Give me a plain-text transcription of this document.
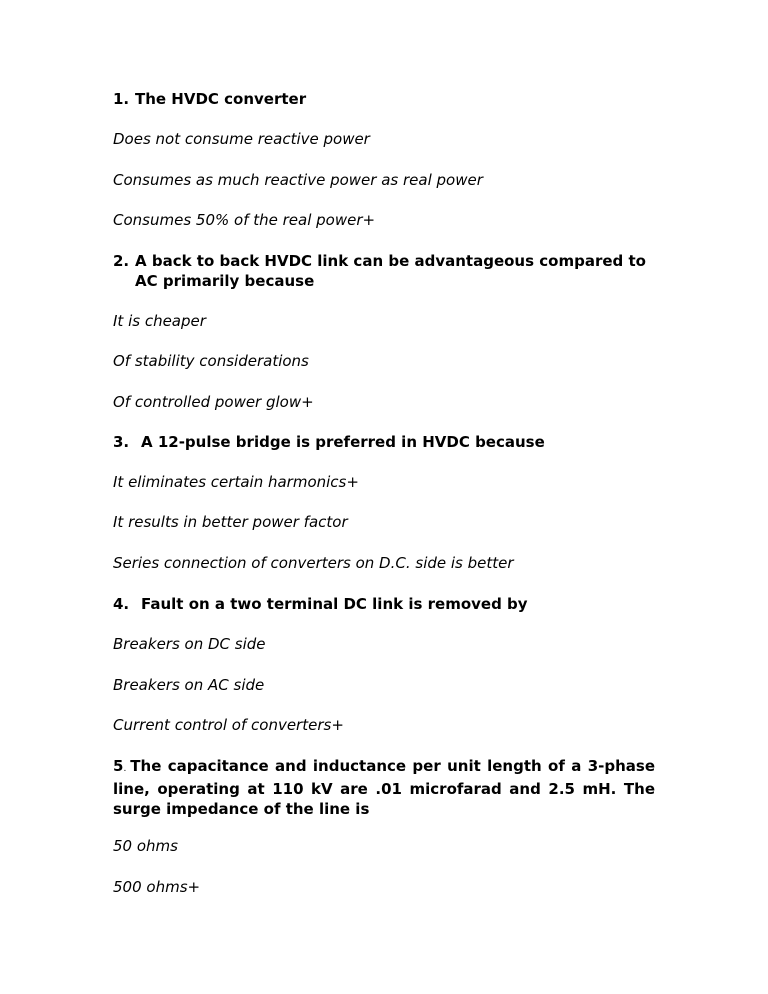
1. The HVDC converter

Does not consume reactive power

Consumes as much reactive power as real power

Consumes 50% of the real power+

2. A back to back HVDC link can be advantageous compared to AC primarily because

It is cheaper

Of stability considerations

Of controlled power glow+

3. A 12-pulse bridge is preferred in HVDC because

It eliminates certain harmonics+

It results in better power factor

Series connection of converters on D.C. side is better

4. Fault on a two terminal DC link is removed by

Breakers on DC side

Breakers on AC side

Current control of converters+

5. The capacitance and inductance per unit length of a 3-phase line, operating at 110 kV are .01 microfarad and 2.5 mH. The surge impedance of the line is

50 ohms

500 ohms+
